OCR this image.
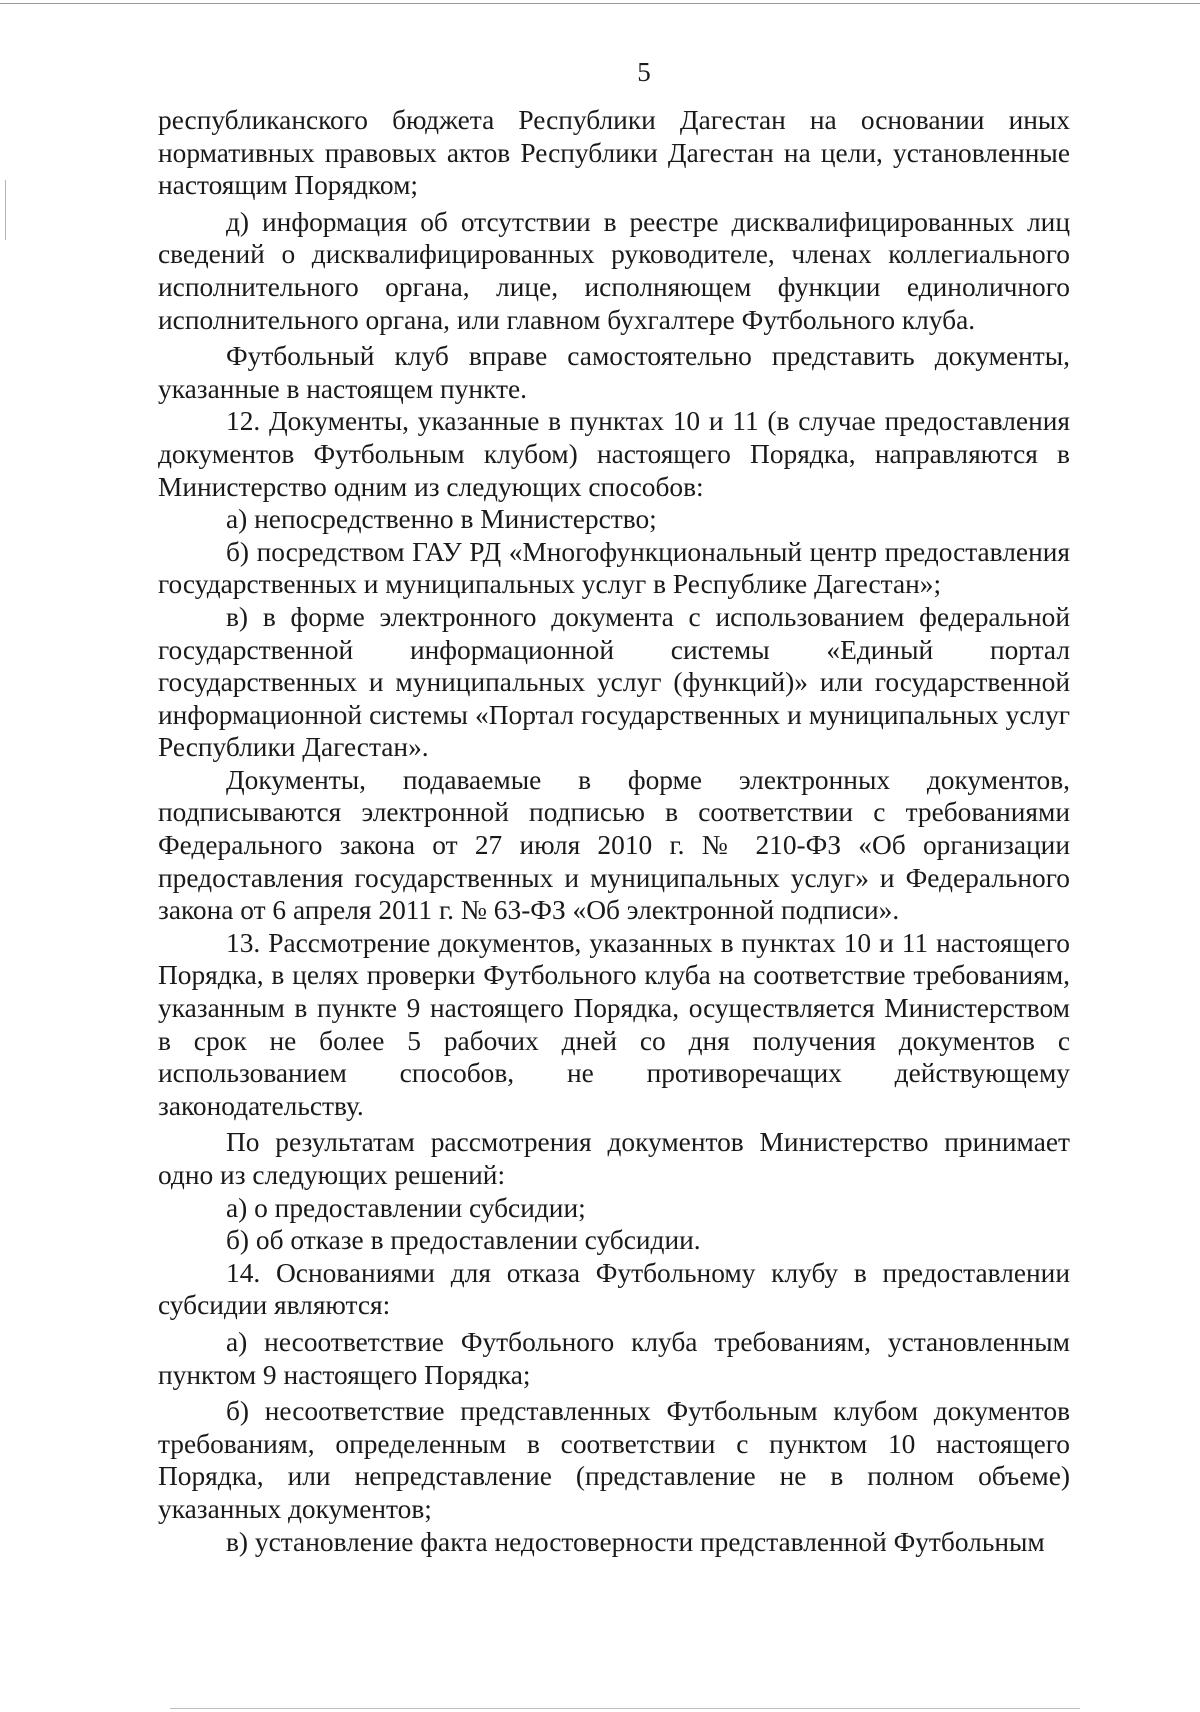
5

республиканского бюджета Республики Дагестан на основании иных нормативных правовых актов Республики Дагестан на цели, установленные настоящим Порядком;

д) информация об отсутствии в реестре дисквалифицированных лиц сведений о дисквалифицированных руководителе, членах коллегиального исполнительного органа, лице, исполняющем функции единоличного исполнительного органа, или главном бухгалтере Футбольного клуба.

Футбольный клуб вправе самостоятельно представить документы, указанные в настоящем пункте.

12. Документы, указанные в пунктах 10 и 11 (в случае предоставления документов Футбольным клубом) настоящего Порядка, направляются в Министерство одним из следующих способов:

а) непосредственно в Министерство;

б) посредством ГАУ РД «Многофункциональный центр предоставления государственных и муниципальных услуг в Республике Дагестан»;

в) в форме электронного документа с использованием федеральной государственной информационной системы «Единый портал государственных и муниципальных услуг (функций)» или государственной информационной системы «Портал государственных и муниципальных услуг Республики Дагестан».

Документы, подаваемые в форме электронных документов, подписываются электронной подписью в соответствии с требованиями Федерального закона от 27 июля 2010 г. № 210-ФЗ «Об организации предоставления государственных и муниципальных услуг» и Федерального закона от 6 апреля 2011 г. № 63-ФЗ «Об электронной подписи».

13. Рассмотрение документов, указанных в пунктах 10 и 11 настоящего Порядка, в целях проверки Футбольного клуба на соответствие требованиям, указанным в пункте 9 настоящего Порядка, осуществляется Министерством в срок не более 5 рабочих дней со дня получения документов с использованием способов, не противоречащих действующему законодательству.

По результатам рассмотрения документов Министерство принимает одно из следующих решений:

а) о предоставлении субсидии;

б) об отказе в предоставлении субсидии.

14. Основаниями для отказа Футбольному клубу в предоставлении субсидии являются:

а) несоответствие Футбольного клуба требованиям, установленным пунктом 9 настоящего Порядка;

б) несоответствие представленных Футбольным клубом документов требованиям, определенным в соответствии с пунктом 10 настоящего Порядка, или непредставление (представление не в полном объеме) указанных документов;

в) установление факта недостоверности представленной Футбольным
